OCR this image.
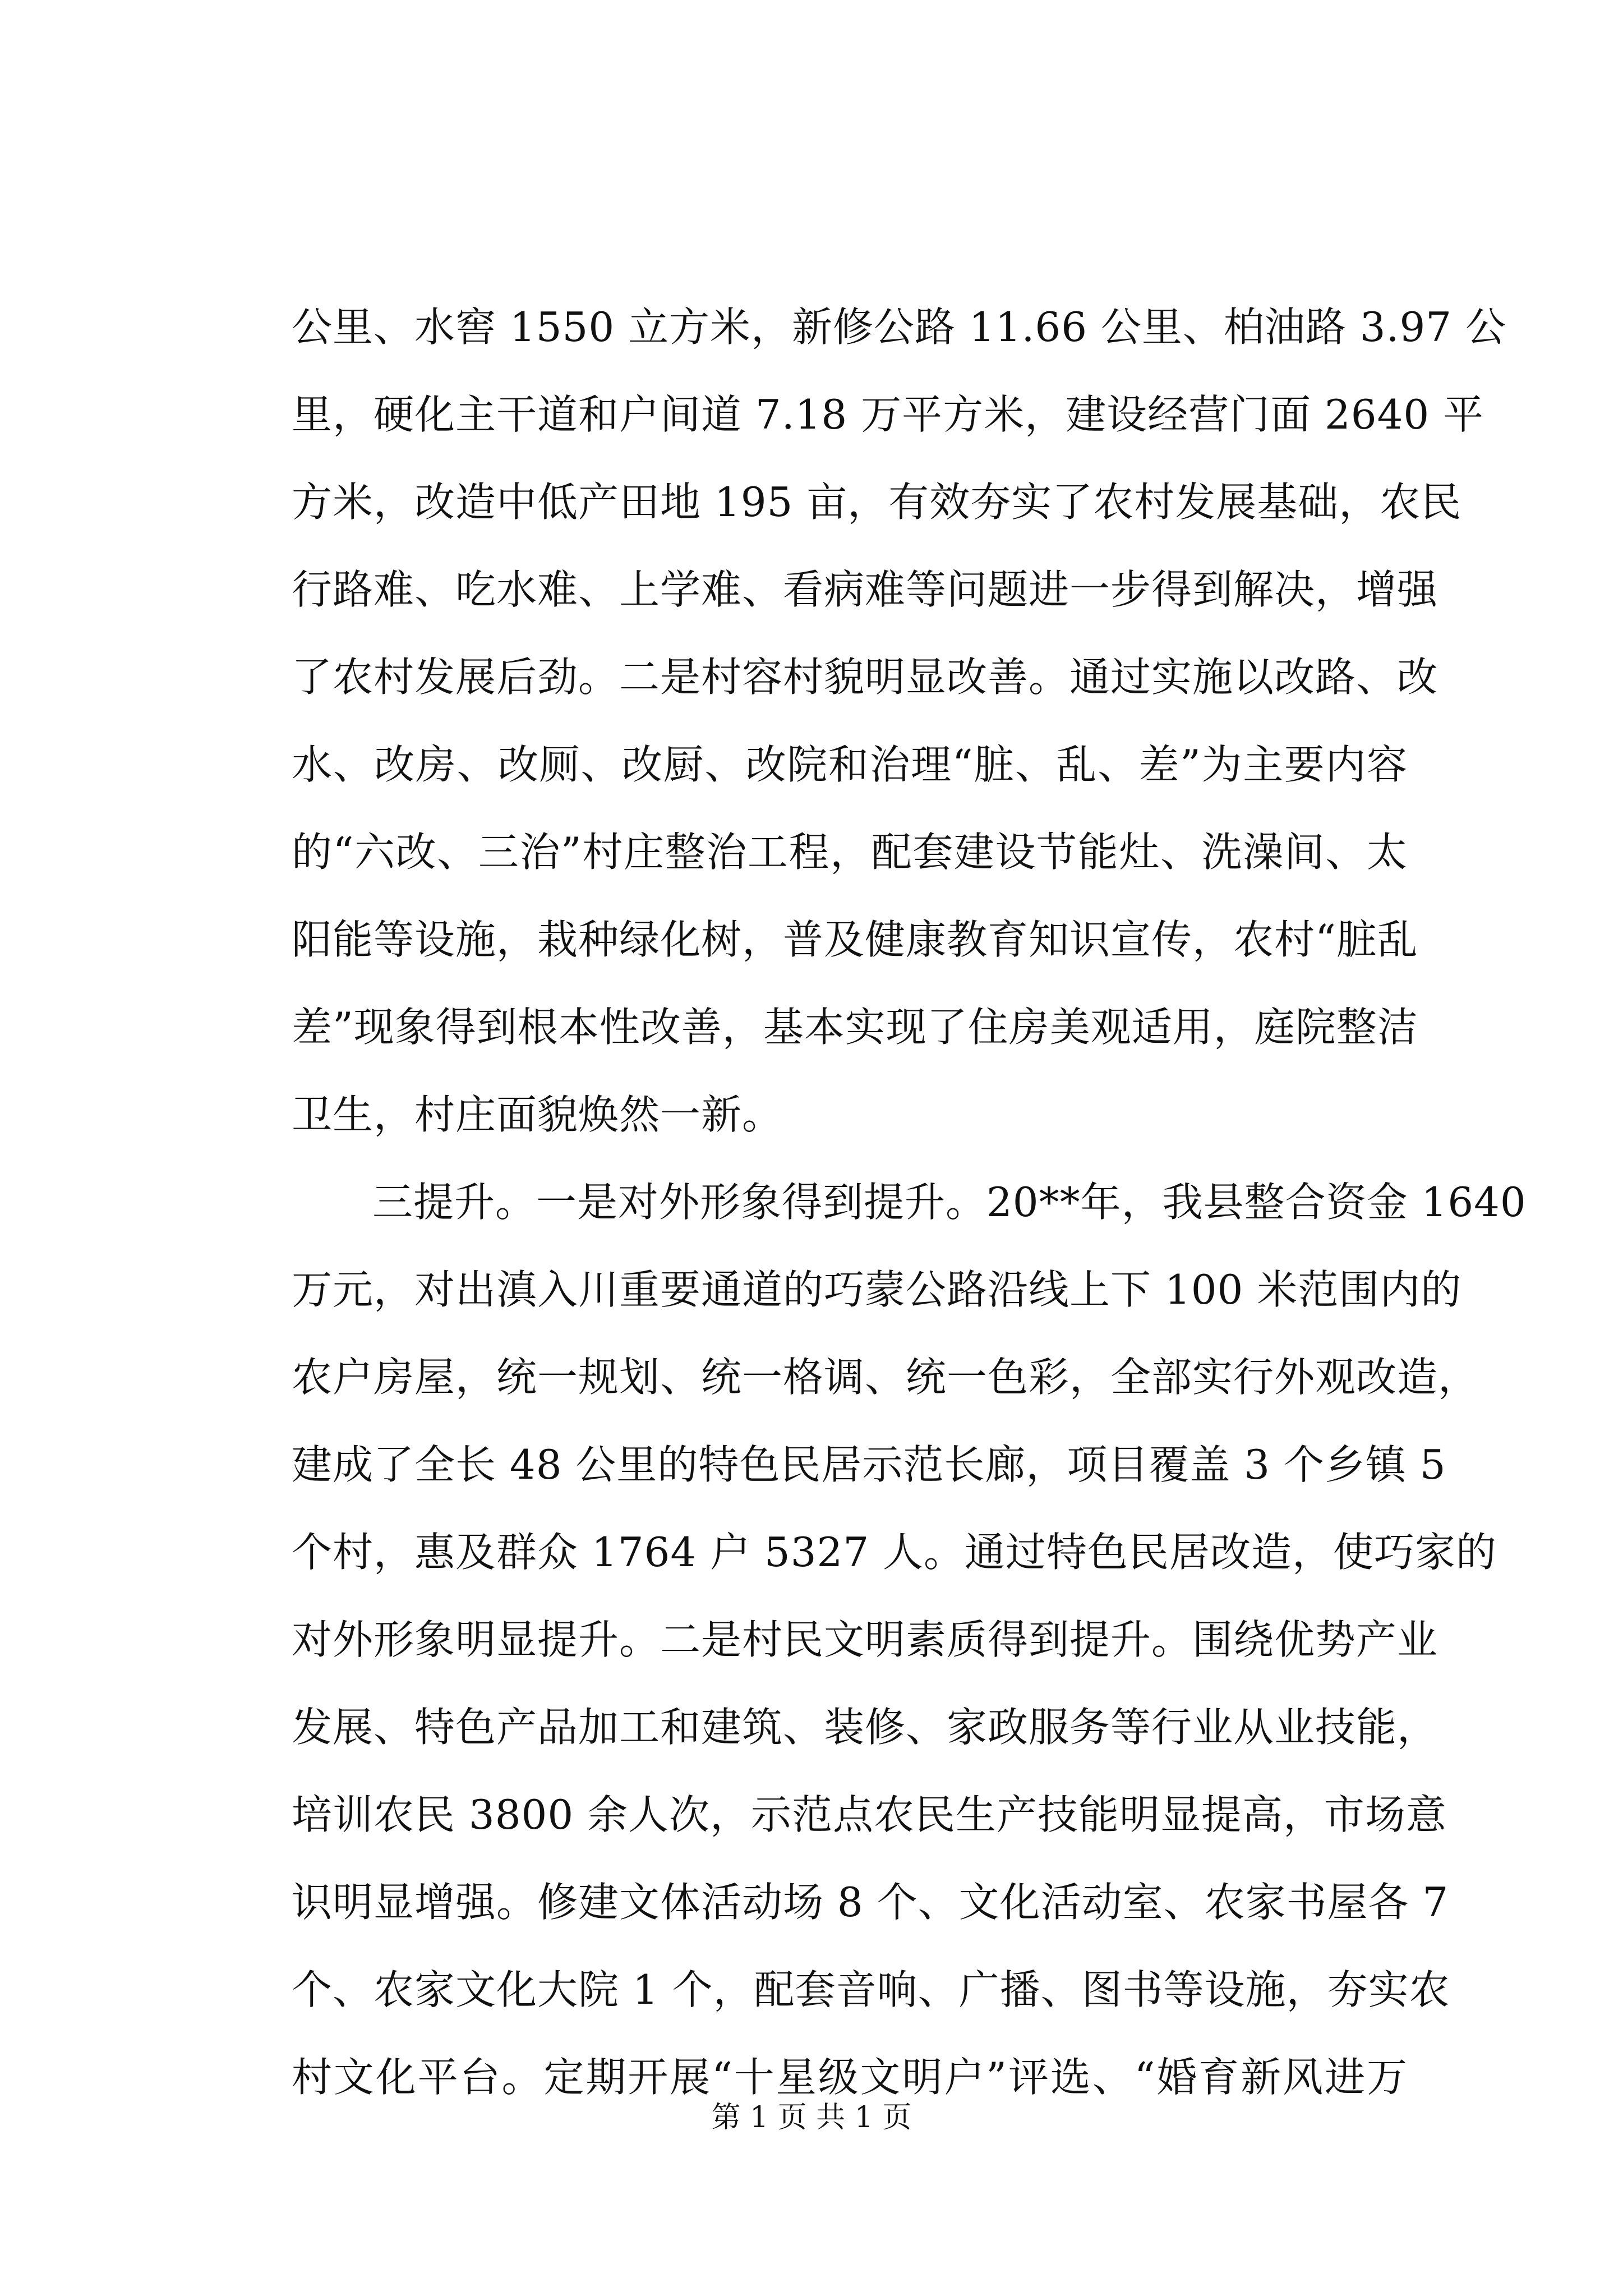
公里、水窖 1550 立方米，新修公路 11.66 公里、柏油路 3.97 公
里，硬化主干道和户间道 7.18 万平方米，建设经营门面 2640 平
方米，改造中低产田地 195 亩，有效夯实了农村发展基础，农民
行路难、吃水难、上学难、看病难等问题进一步得到解决，增强
了农村发展后劲。二是村容村貌明显改善。通过实施以改路、改
水、改房、改厕、改厨、改院和治理“脏、乱、差”为主要内容
的“六改、三治”村庄整治工程，配套建设节能灶、洗澡间、太
阳能等设施，栽种绿化树，普及健康教育知识宣传，农村“脏乱
差”现象得到根本性改善，基本实现了住房美观适用，庭院整洁
卫生，村庄面貌焕然一新。
三提升。一是对外形象得到提升。20**年，我县整合资金 1640
万元，对出滇入川重要通道的巧蒙公路沿线上下 100 米范围内的
农户房屋，统一规划、统一格调、统一色彩，全部实行外观改造，
建成了全长 48 公里的特色民居示范长廊，项目覆盖 3 个乡镇 5
个村，惠及群众 1764 户 5327 人。通过特色民居改造，使巧家的
对外形象明显提升。二是村民文明素质得到提升。围绕优势产业
发展、特色产品加工和建筑、装修、家政服务等行业从业技能，
培训农民 3800 余人次，示范点农民生产技能明显提高，市场意
识明显增强。修建文体活动场 8 个、文化活动室、农家书屋各 7
个、农家文化大院 1 个，配套音响、广播、图书等设施，夯实农
村文化平台。定期开展“十星级文明户”评选、“婚育新风进万
第 1 页 共 1 页
